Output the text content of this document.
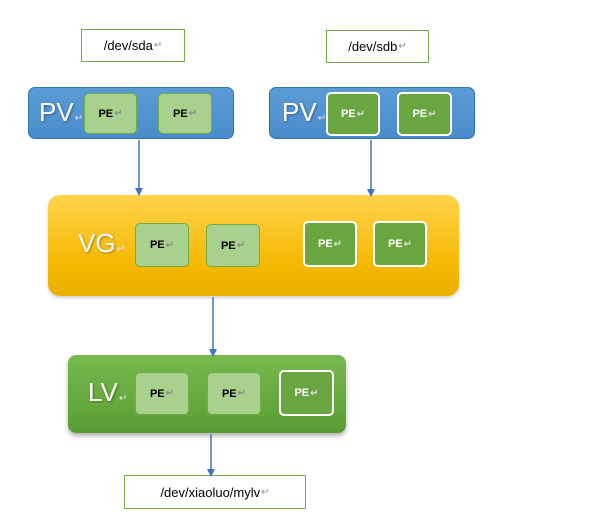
/dev/sda ↵	/dev/sdb ↵
PV↵ PE ↵	PE ↵	PV↵ PE ↵	PE ↵
VG↵ PE ↵	PE ↵	PE ↵	PE ↵
LV↵ PE ↵	PE ↵	PE ↵
/dev/xiaoluo/mylv ↵
